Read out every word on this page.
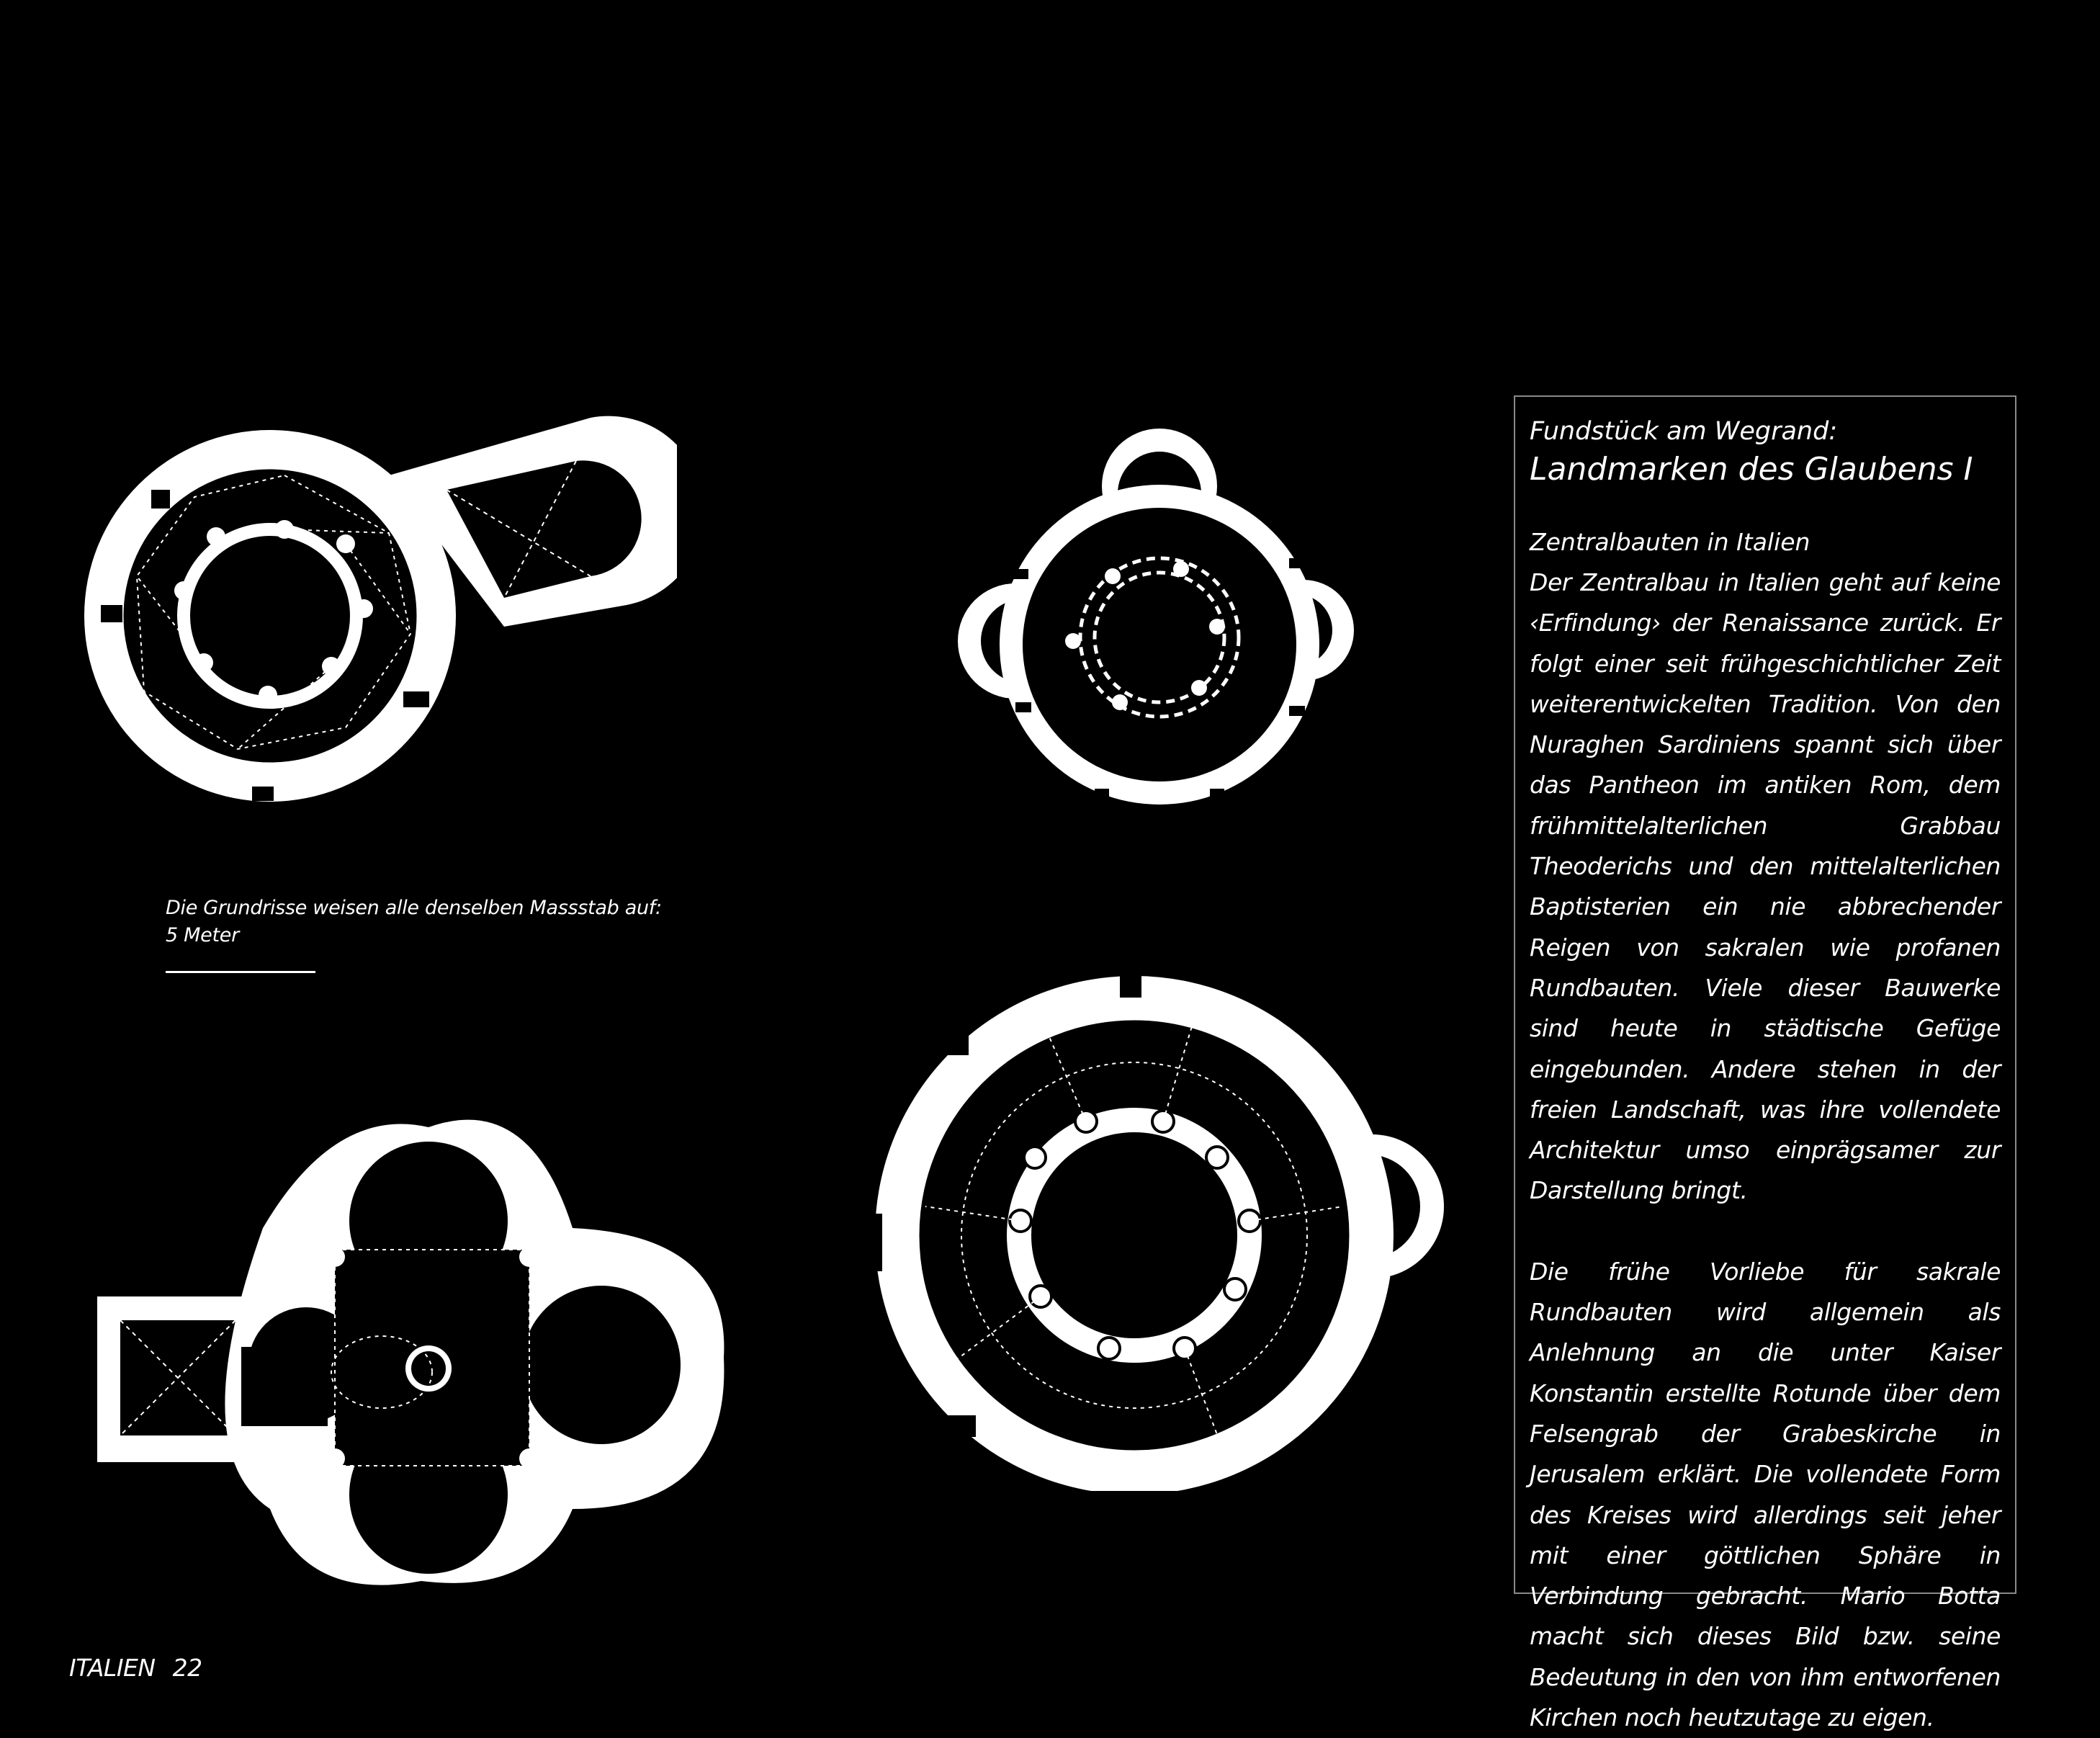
Die Grundrisse weisen alle denselben Massstab auf:
5 Meter
Fundstück am Wegrand:
Landmarken des Glaubens I
Zentralbauten in Italien

Der Zentralbau in Italien geht auf keine ‹Erfindung› der Renaissance zurück. Er folgt einer seit frühgeschichtlicher Zeit weiterentwickelten Tradition. Von den Nuraghen Sardiniens spannt sich über das Pantheon im antiken Rom, dem frühmittelalterlichen Grabbau Theoderichs und den mittelalterlichen Baptisterien ein nie abbrechender Reigen von sakralen wie profanen Rundbauten. Viele dieser Bauwerke sind heute in städtische Gefüge eingebunden. Andere stehen in der freien Landschaft, was ihre vollendete Architektur umso einprägsamer zur Darstellung bringt.

Die frühe Vorliebe für sakrale Rundbauten wird allgemein als Anlehnung an die unter Kaiser Konstantin erstellte Rotunde über dem Felsengrab der Grabeskirche in Jerusalem erklärt. Die vollendete Form des Kreises wird allerdings seit jeher mit einer göttlichen Sphäre in Verbindung gebracht. Mario Botta macht sich dieses Bild bzw. seine Bedeutung in den von ihm entworfenen Kirchen noch heutzutage zu eigen.

ITALIEN 22
